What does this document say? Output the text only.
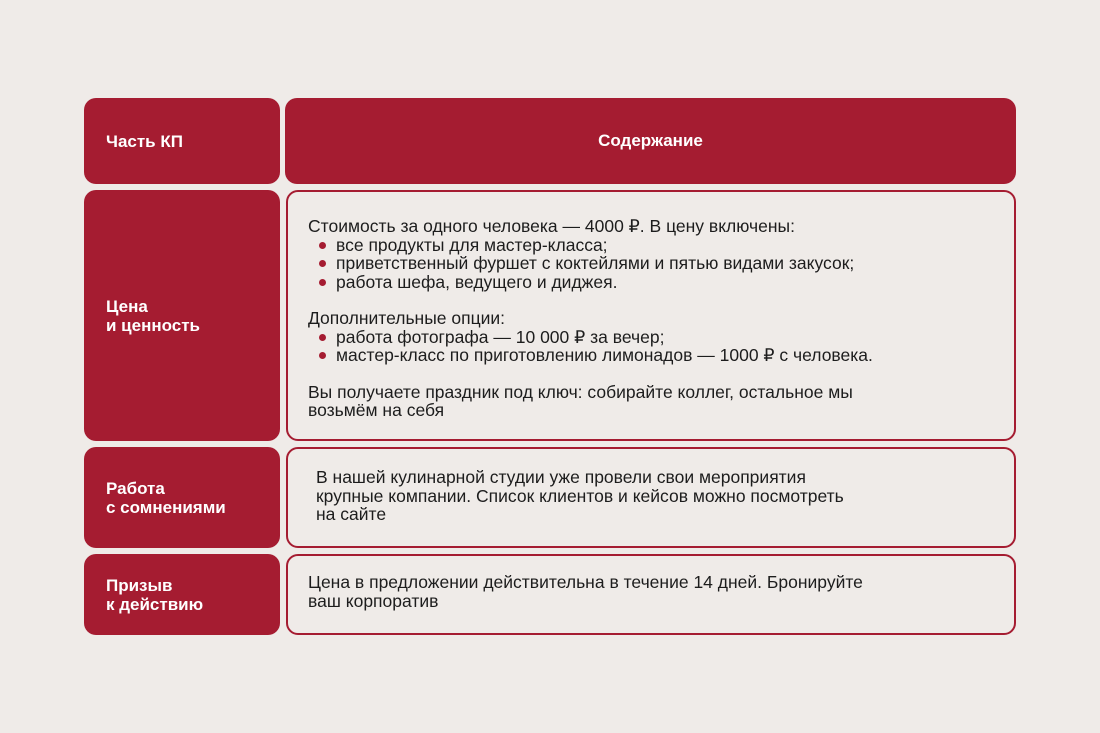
Часть КП	Содержание
Цена
и ценность

Стоимость за одного человека — 4000 ₽. В цену включены:

все продукты для мастер-класса;
приветственный фуршет с коктейлями и пятью видами закусок;
работа шефа, ведущего и диджея.

Дополнительные опции:

работа фотографа — 10 000 ₽ за вечер;
мастер-класс по приготовлению лимонадов — 1000 ₽ с человека.

Вы получаете праздник под ключ: собирайте коллег, остальное мы

возьмём на себя

Работа
с сомнениями

В нашей кулинарной студии уже провели свои мероприятия

крупные компании. Список клиентов и кейсов можно посмотреть

на сайте

Призыв
к действию

Цена в предложении действительна в течение 14 дней. Бронируйте

ваш корпоратив
